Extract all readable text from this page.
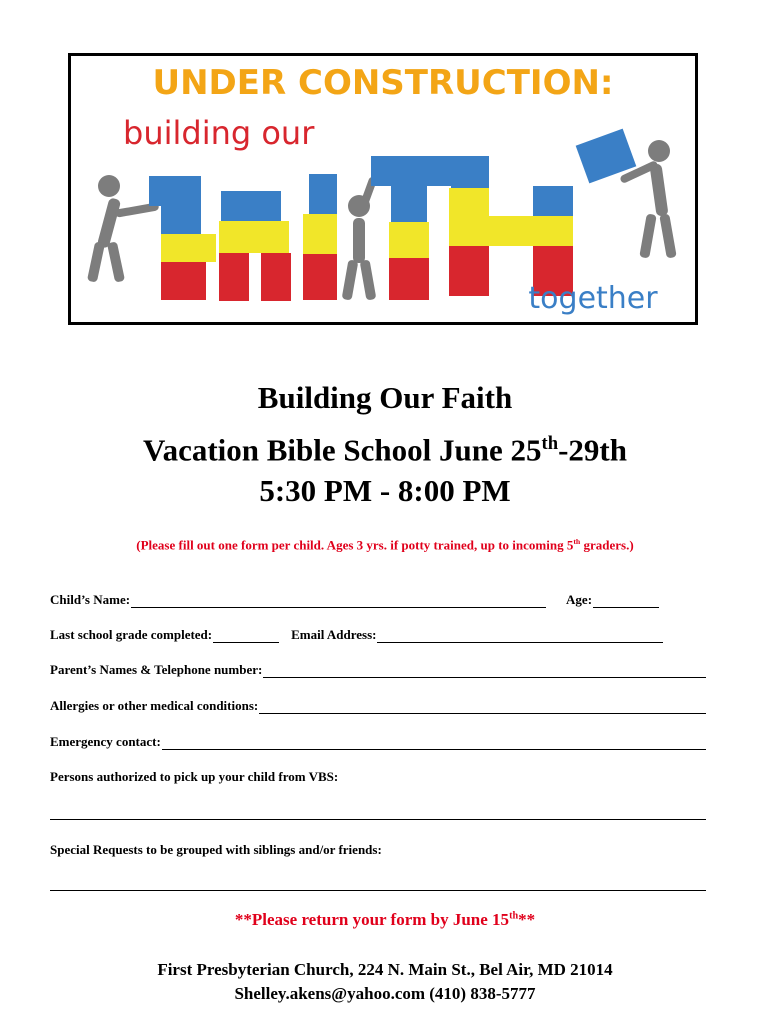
UNDER CONSTRUCTION:
building our
together
Building Our Faith
Vacation Bible School June 25th-29th
5:30 PM - 8:00 PM
(Please fill out one form per child. Ages 3 yrs. if potty trained, up to incoming 5th graders.)
Child’s Name:	Age:
Last school grade completed:	Email Address:
Parent’s Names & Telephone number:
Allergies or other medical conditions:
Emergency contact:
Persons authorized to pick up your child from VBS:
Special Requests to be grouped with siblings and/or friends:
**Please return your form by June 15th**
First Presbyterian Church, 224 N. Main St., Bel Air, MD 21014
Shelley.akens@yahoo.com (410) 838-5777
